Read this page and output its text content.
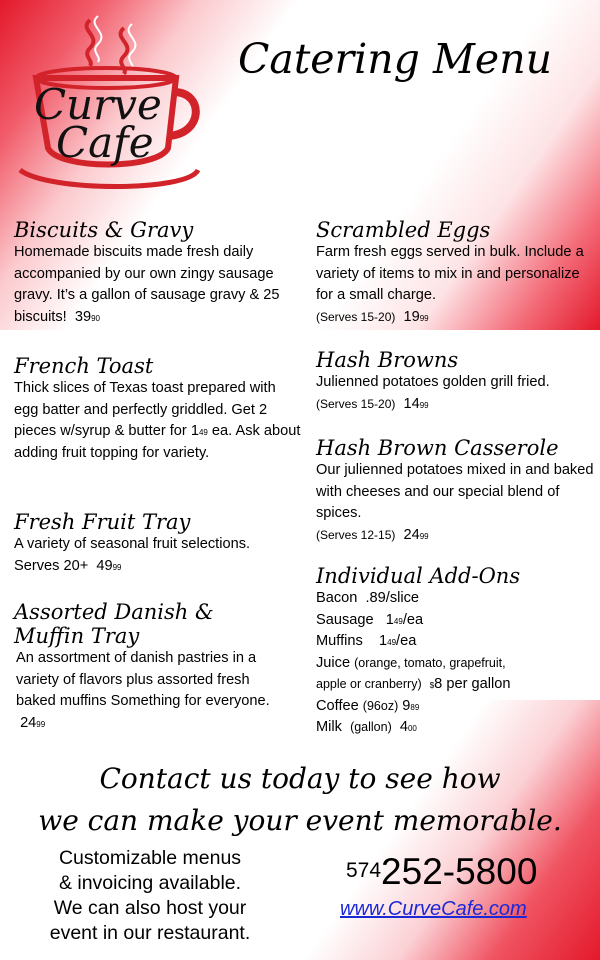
Curve
Cafe
Catering Menu
Biscuits & Gravy
Homemade biscuits made fresh daily accompanied by our own zingy sausage gravy. It’s a gallon of sausage gravy & 25 biscuits! $39^{90}$
French Toast
Thick slices of Texas toast prepared with egg batter and perfectly griddled. Get 2 pieces w/syrup & butter for $1^{49}$ ea. Ask about adding fruit topping for variety.
Fresh Fruit Tray
A variety of seasonal fruit selections.
Serves $20+ 49^{99}$
Assorted Danish &
Muffin Tray
An assortment of danish pastries in a variety of flavors plus assorted fresh baked muffins Something for everyone.  $24^{99}$
Scrambled Eggs
Farm fresh eggs served in bulk. Include a variety of items to mix in and personalize for a small charge.
(Serves 15-20) $19^{99}$
Hash Browns
Julienned potatoes golden grill fried.
(Serves 15-20) $14^{99}$
Hash Brown Casserole
Our julienned potatoes mixed in and baked with cheeses and our special blend of spices.
(Serves 12-15) $24^{99}$
Individual Add-Ons
Bacon .89/slice
Sausage $1^{49}/ea$
Muffins $1^{49}/ea$
Juice (orange, tomato, grapefruit,
apple or cranberry) $8 per gallon
Coffee (96oz) $9^{89}$
Milk (gallon) $4^{00}$
Contact us today to see how
we can make your event memorable.
Customizable menus
& invoicing available.
We can also host your
event in our restaurant.
$^{574}$252-5800
www.CurveCafe.com
